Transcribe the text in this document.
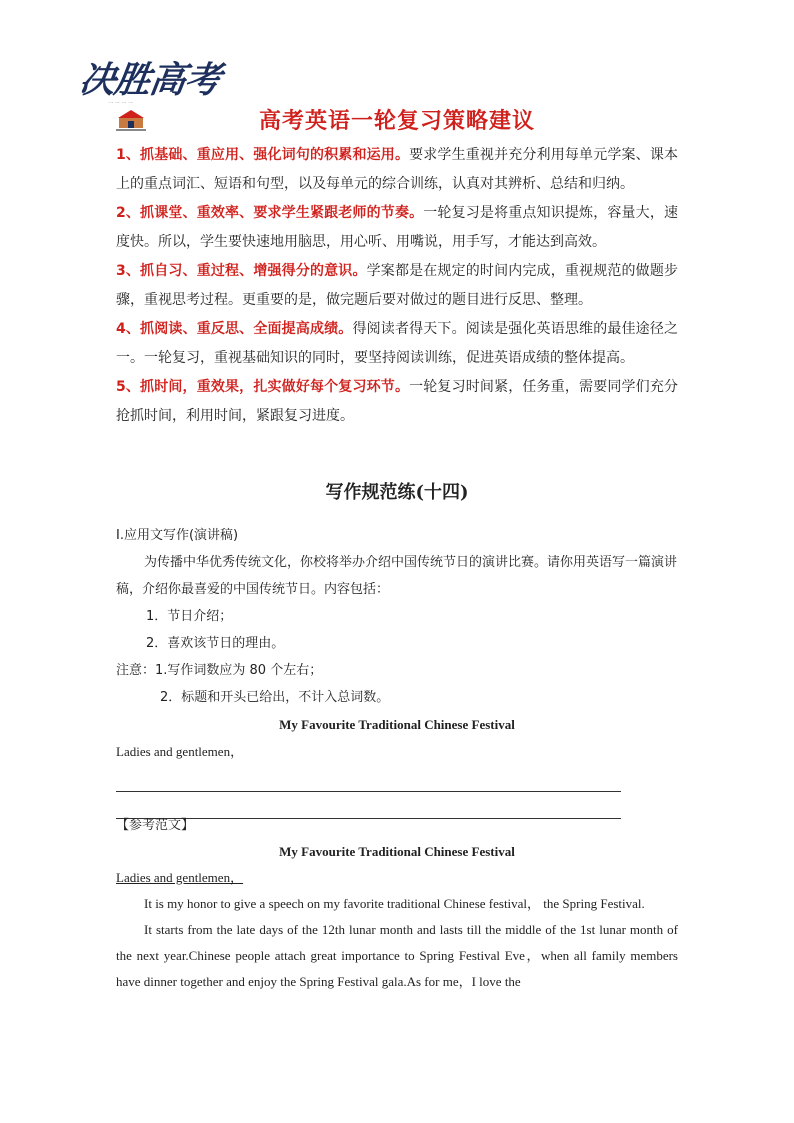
决胜高考
一 一 一 一
高考英语一轮复习策略建议

1、抓基础、重应用、强化词句的积累和运用。要求学生重视并充分利用每单元学案、课本上的重点词汇、短语和句型，以及每单元的综合训练，认真对其辨析、总结和归纳。

2、抓课堂、重效率、要求学生紧跟老师的节奏。一轮复习是将重点知识提炼，容量大，速度快。所以，学生要快速地用脑思，用心听、用嘴说，用手写，才能达到高效。

3、抓自习、重过程、增强得分的意识。学案都是在规定的时间内完成，重视规范的做题步骤，重视思考过程。更重要的是，做完题后要对做过的题目进行反思、整理。

4、抓阅读、重反思、全面提高成绩。得阅读者得天下。阅读是强化英语思维的最佳途径之一。一轮复习，重视基础知识的同时，要坚持阅读训练，促进英语成绩的整体提高。

5、抓时间，重效果，扎实做好每个复习环节。一轮复习时间紧，任务重，需要同学们充分抢抓时间，利用时间，紧跟复习进度。

写作规范练(十四)

Ⅰ.应用文写作(演讲稿)

为传播中华优秀传统文化，你校将举办介绍中国传统节日的演讲比赛。请你用英语写一篇演讲稿，介绍你最喜爱的中国传统节日。内容包括：

1．节日介绍；

2．喜欢该节日的理由。

注意：1.写作词数应为 80 个左右；

2．标题和开头已给出，不计入总词数。

My Favourite Traditional Chinese Festival

Ladies and gentlemen，

【参考范文】

My Favourite Traditional Chinese Festival

Ladies and gentlemen，

It is my honor to give a speech on my favorite traditional Chinese festival， the Spring Festival.

It starts from the late days of the 12th lunar month and lasts till the middle of the 1st lunar month of the next year.Chinese people attach great importance to Spring Festival Eve，when all family members have dinner together and enjoy the Spring Festival gala.As for me，I love the
